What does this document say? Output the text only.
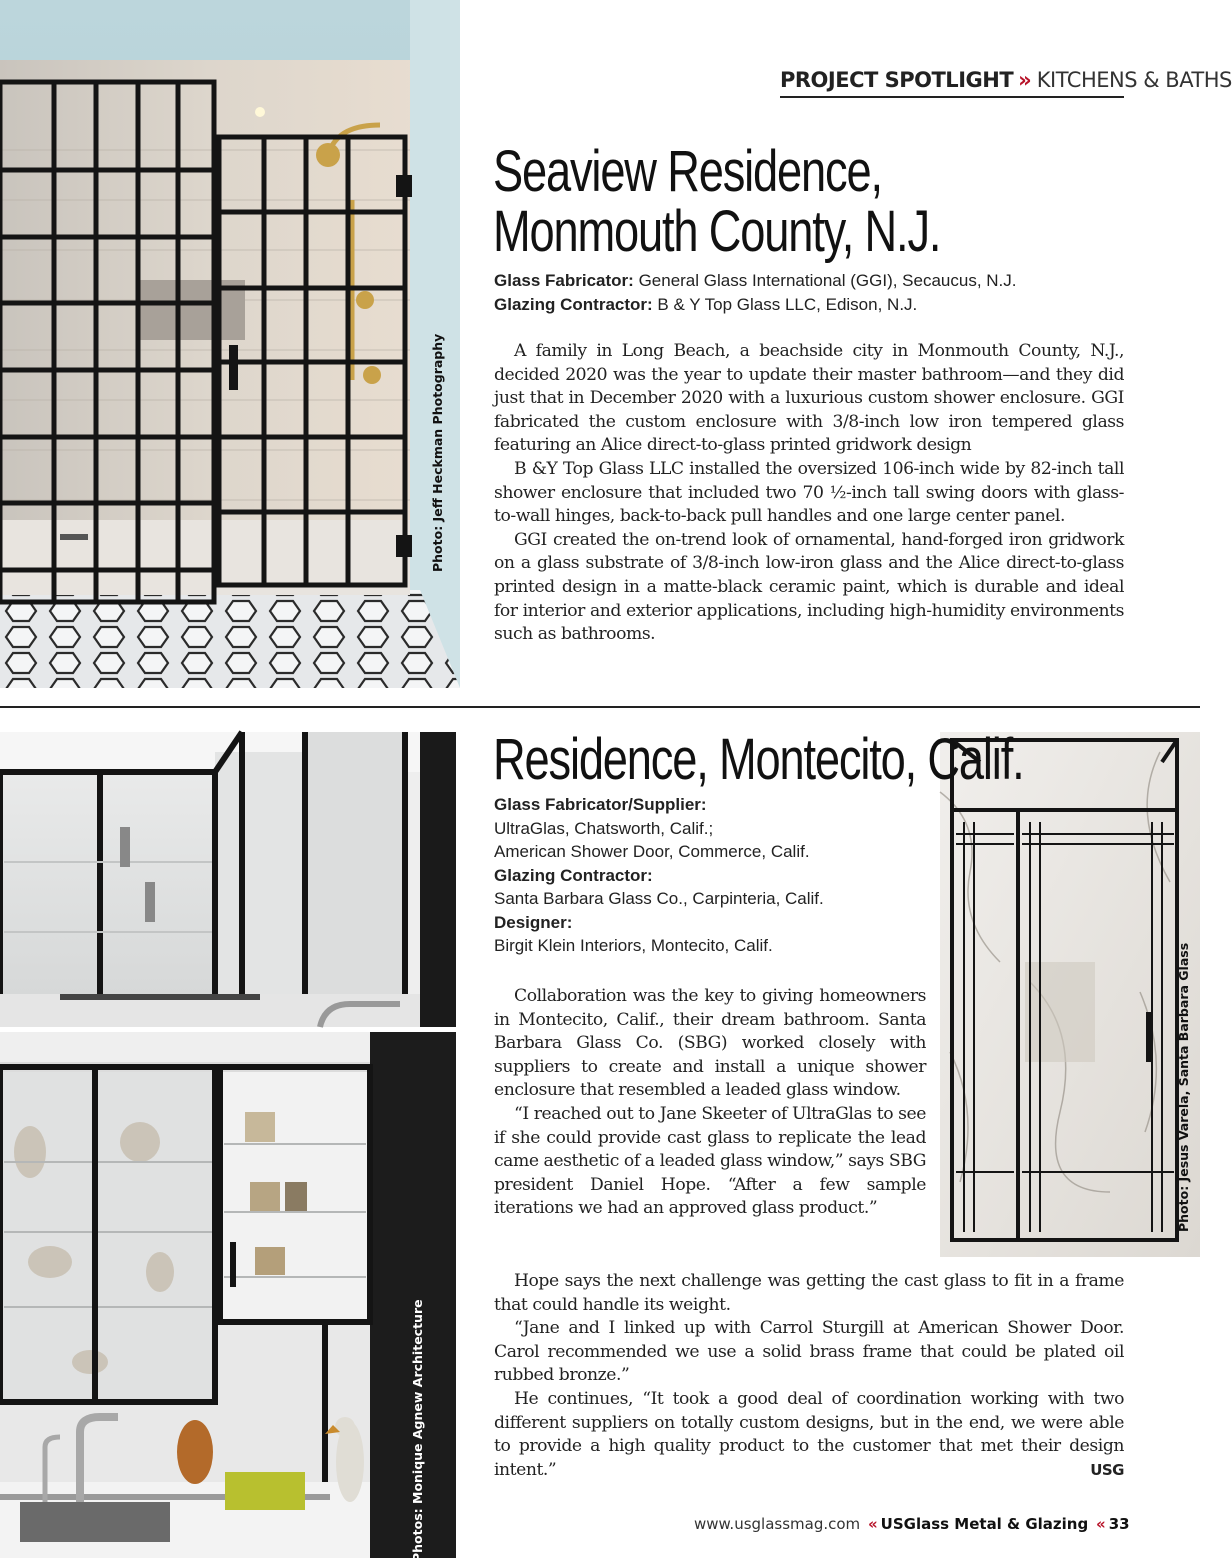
Photo: Jeff Heckman Photography
PROJECT SPOTLIGHT » KITCHENS & BATHS
Seaview Residence,
Monmouth County, N.J.
Glass Fabricator: General Glass International (GGI), Secaucus, N.J.
Glazing Contractor: B & Y Top Glass LLC, Edison, N.J.

A family in Long Beach, a beachside city in Monmouth County, N.J., decided 2020 was the year to update their master bathroom—and they did just that in December 2020 with a luxurious custom shower enclosure. GGI fabricated the custom enclosure with 3/8-inch low iron tempered glass featuring an Alice direct-to-glass printed gridwork design

B &Y Top Glass LLC installed the oversized 106-inch wide by 82-inch tall shower enclosure that included two 70 ½-inch tall swing doors with glass-to-wall hinges, back-to-back pull handles and one large center panel.

GGI created the on-trend look of ornamental, hand-forged iron gridwork on a glass substrate of 3/8-inch low-iron glass and the Alice direct-to-glass printed design in a matte-black ceramic paint, which is durable and ideal for interior and exterior applications, including high-humidity environments such as bathrooms.

Photos: Monique Agnew Architecture
Photo: Jesus Varela, Santa Barbara Glass
Residence, Montecito, Calif.
Glass Fabricator/Supplier:
UltraGlas, Chatsworth, Calif.;
American Shower Door, Commerce, Calif.
Glazing Contractor:
Santa Barbara Glass Co., Carpinteria, Calif.
Designer:
Birgit Klein Interiors, Montecito, Calif.

Collaboration was the key to giving homeowners in Montecito, Calif., their dream bathroom. Santa Barbara Glass Co. (SBG) worked closely with suppliers to create and install a unique shower enclosure that resembled a leaded glass window.

“I reached out to Jane Skeeter of UltraGlas to see if she could provide cast glass to replicate the lead came aesthetic of a leaded glass window,” says SBG president Daniel Hope. “After a few sample iterations we had an approved glass product.”

Hope says the next challenge was getting the cast glass to fit in a frame that could handle its weight.

“Jane and I linked up with Carrol Sturgill at American Shower Door. Carol recommended we use a solid brass frame that could be plated oil rubbed bronze.”

He continues, “It took a good deal of coordination working with two different suppliers on totally custom designs, but in the end, we were able to provide a high quality product to the customer that met their design intent.”	USG

www.usglassmag.com « USGlass Metal & Glazing « 33
